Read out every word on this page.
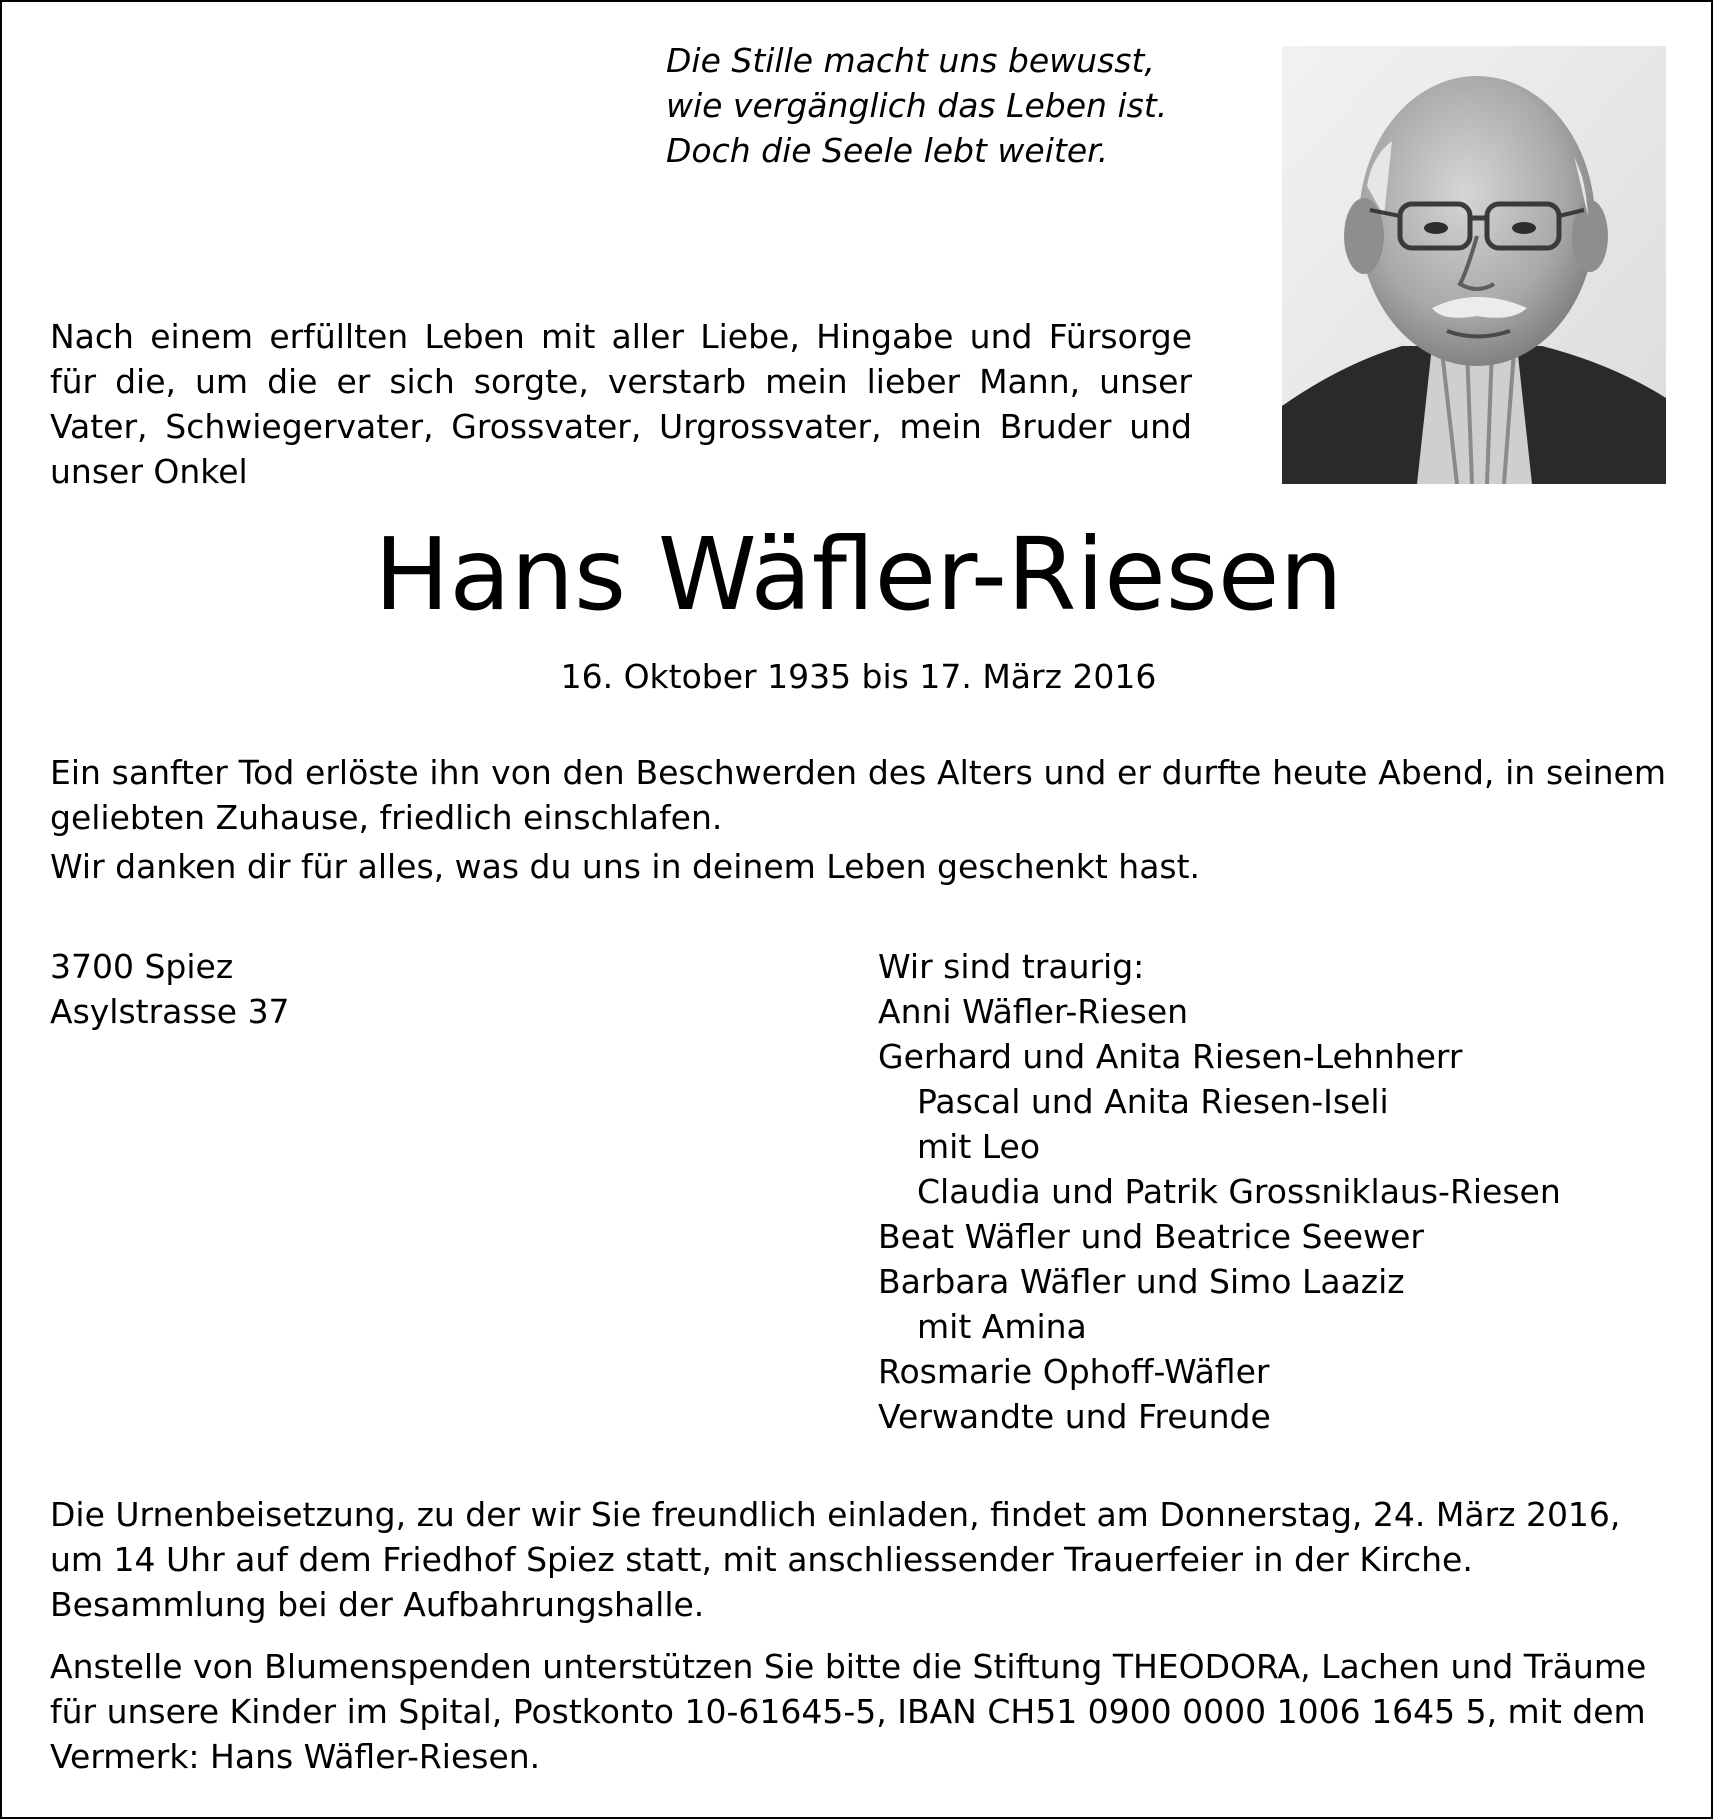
Die Stille macht uns bewusst,
wie vergänglich das Leben ist.
Doch die Seele lebt weiter.
Nach einem erfüllten Leben mit aller Liebe, Hingabe und Fürsorge für die, um die er sich sorgte, verstarb mein lieber Mann, unser Vater, Schwiegervater, Grossvater, Urgrossvater, mein Bruder und unser Onkel
Hans Wäfler-Riesen
16. Oktober 1935 bis 17. März 2016
Ein sanfter Tod erlöste ihn von den Beschwerden des Alters und er durfte heute Abend, in seinem geliebten Zuhause, friedlich einschlafen.
Wir danken dir für alles, was du uns in deinem Leben geschenkt hast.
3700 Spiez
Asylstrasse 37
Wir sind traurig:
Anni Wäfler-Riesen
Gerhard und Anita Riesen-Lehnherr
Pascal und Anita Riesen-Iseli
mit Leo
Claudia und Patrik Grossniklaus-Riesen
Beat Wäfler und Beatrice Seewer
Barbara Wäfler und Simo Laaziz
mit Amina
Rosmarie Ophoff-Wäfler
Verwandte und Freunde
Die Urnenbeisetzung, zu der wir Sie freundlich einladen, findet am Donnerstag, 24. März 2016,
um 14 Uhr auf dem Friedhof Spiez statt, mit anschliessender Trauerfeier in der Kirche.
Besammlung bei der Aufbahrungshalle.
Anstelle von Blumenspenden unterstützen Sie bitte die Stiftung THEODORA, Lachen und Träume
für unsere Kinder im Spital, Postkonto 10-61645-5, IBAN CH51 0900 0000 1006 1645 5, mit dem
Vermerk: Hans Wäfler-Riesen.
